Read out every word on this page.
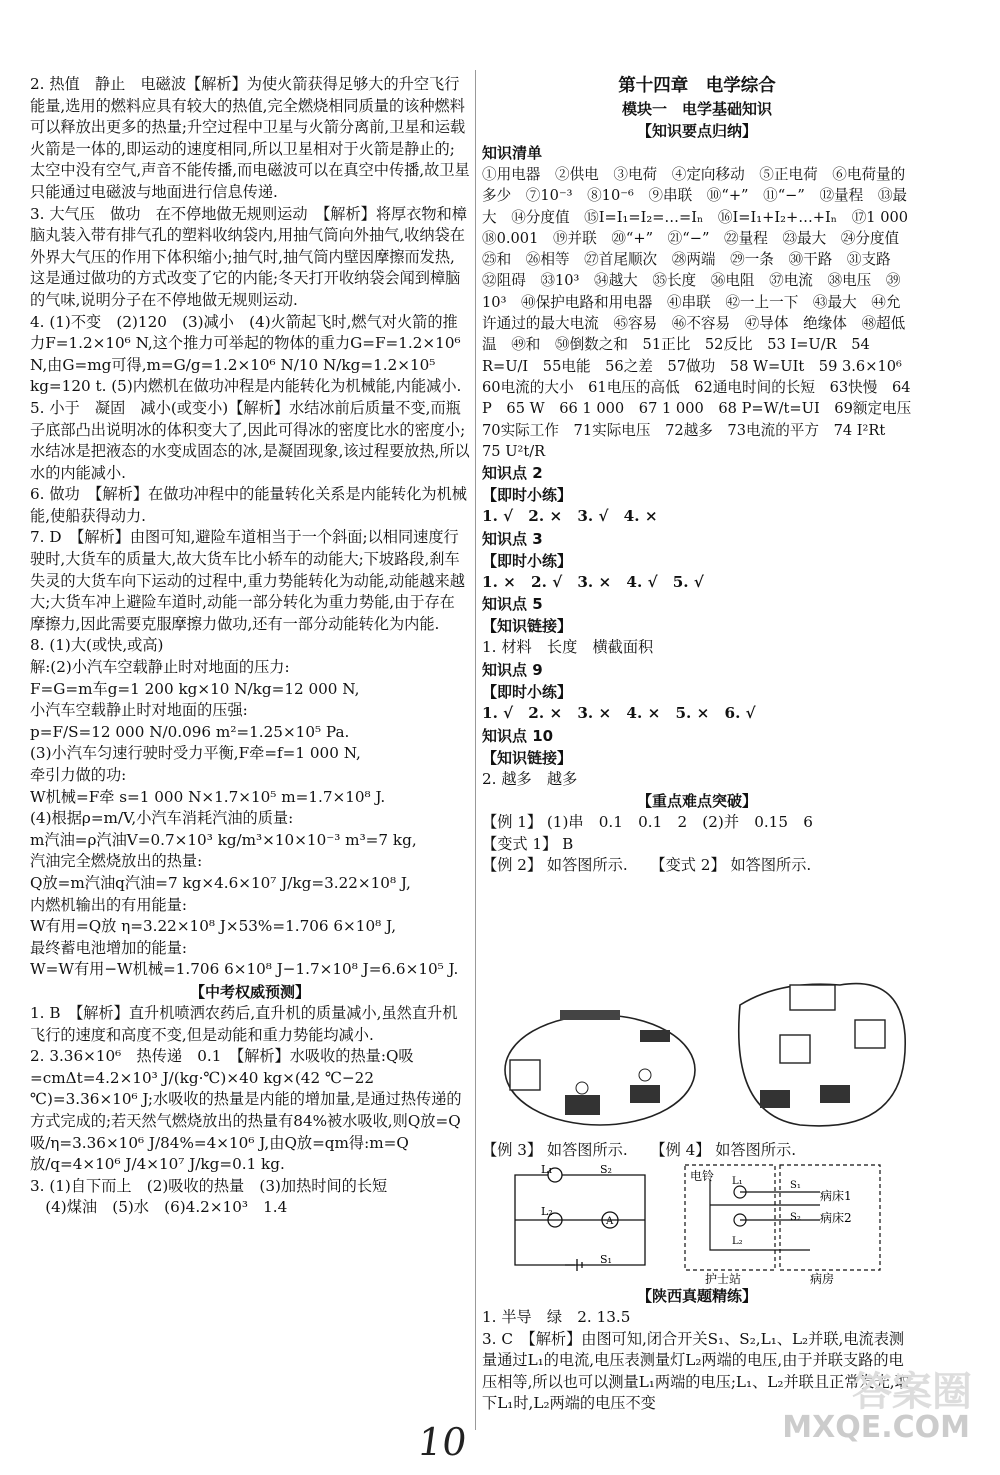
2. 热值　静止　电磁波【解析】为使火箭获得足够大的升空飞行能量,选用的燃料应具有较大的热值,完全燃烧相同质量的该种燃料可以释放出更多的热量;升空过程中卫星与火箭分离前,卫星和运载火箭是一体的,即运动的速度相同,所以卫星相对于火箭是静止的;太空中没有空气,声音不能传播,而电磁波可以在真空中传播,故卫星只能通过电磁波与地面进行信息传递.

3. 大气压　做功　在不停地做无规则运动　【解析】将厚衣物和樟脑丸装入带有排气孔的塑料收纳袋内,用抽气筒向外抽气,收纳袋在外界大气压的作用下体积缩小;抽气时,抽气筒内壁因摩擦而发热,这是通过做功的方式改变了它的内能;冬天打开收纳袋会闻到樟脑的气味,说明分子在不停地做无规则运动.

4. (1)不变　(2)120　(3)减小　(4)火箭起飞时,燃气对火箭的推力F=1.2×10⁶ N,这个推力可举起的物体的重力G=F=1.2×10⁶ N,由G=mg可得,m=G/g=1.2×10⁶ N/10 N/kg=1.2×10⁵ kg=120 t. (5)内燃机在做功冲程是内能转化为机械能,内能减小.

5. 小于　凝固　减小(或变小)【解析】水结冰前后质量不变,而瓶子底部凸出说明冰的体积变大了,因此可得冰的密度比水的密度小;水结冰是把液态的水变成固态的冰,是凝固现象,该过程要放热,所以水的内能减小.

6. 做功　【解析】在做功冲程中的能量转化关系是内能转化为机械能,使船获得动力.

7. D　【解析】由图可知,避险车道相当于一个斜面;以相同速度行驶时,大货车的质量大,故大货车比小轿车的动能大;下坡路段,刹车失灵的大货车向下运动的过程中,重力势能转化为动能,动能越来越大;大货车冲上避险车道时,动能一部分转化为重力势能,由于存在摩擦力,因此需要克服摩擦力做功,还有一部分动能转化为内能.

8. (1)大(或快,或高)
解:(2)小汽车空载静止时对地面的压力:
F=G=m车g=1 200 kg×10 N/kg=12 000 N,
小汽车空载静止时对地面的压强:
p=F/S=12 000 N/0.096 m²=1.25×10⁵ Pa.
(3)小汽车匀速行驶时受力平衡,F牵=f=1 000 N,
牵引力做的功:
W机械=F牵 s=1 000 N×1.7×10⁵ m=1.7×10⁸ J.
(4)根据ρ=m/V,小汽车消耗汽油的质量:
m汽油=ρ汽油V=0.7×10³ kg/m³×10×10⁻³ m³=7 kg,
汽油完全燃烧放出的热量:
Q放=m汽油q汽油=7 kg×4.6×10⁷ J/kg=3.22×10⁸ J,
内燃机输出的有用能量:
W有用=Q放 η=3.22×10⁸ J×53%=1.706 6×10⁸ J,
最终蓄电池增加的能量:
W=W有用−W机械=1.706 6×10⁸ J−1.7×10⁸ J=6.6×10⁵ J.

【中考权威预测】

1. B　【解析】直升机喷洒农药后,直升机的质量减小,虽然直升机飞行的速度和高度不变,但是动能和重力势能均减小.

2. 3.36×10⁶　热传递　0.1　【解析】水吸收的热量:Q吸=cmΔt=4.2×10³ J/(kg·℃)×40 kg×(42 ℃−22 ℃)=3.36×10⁶ J;水吸收的热量是内能的增加量,是通过热传递的方式完成的;若天然气燃烧放出的热量有84%被水吸收,则Q放=Q吸/η=3.36×10⁶ J/84%=4×10⁶ J,由Q放=qm得:m=Q放/q=4×10⁶ J/4×10⁷ J/kg=0.1 kg.

3. (1)自下而上　(2)吸收的热量　(3)加热时间的长短
　(4)煤油　(5)水　(6)4.2×10³　1.4

第十四章　电学综合
模块一　电学基础知识
【知识要点归纳】
知识清单

①用电器　②供电　③电荷　④定向移动　⑤正电荷　⑥电荷量的多少　⑦10⁻³　⑧10⁻⁶　⑨串联　⑩“+”　⑪“−”　⑫量程　⑬最大　⑭分度值　⑮I=I₁=I₂=…=Iₙ　⑯I=I₁+I₂+…+Iₙ　⑰1 000　⑱0.001　⑲并联　⑳“+”　㉑“−”　㉒量程　㉓最大　㉔分度值　㉕和　㉖相等　㉗首尾顺次　㉘两端　㉙一条　㉚干路　㉛支路　㉜阻碍　㉝10³　㉞越大　㉟长度　㊱电阻　㊲电流　㊳电压　㊴10³　㊵保护电路和用电器　㊶串联　㊷一上一下　㊸最大　㊹允许通过的最大电流　㊺容易　㊻不容易　㊼导体　绝缘体　㊽超低温　㊾和　㊿倒数之和　51正比　52反比　53 I=U/R　54 R=U/I　55电能　56之差　57做功　58 W=UIt　59 3.6×10⁶　60电流的大小　61电压的高低　62通电时间的长短　63快慢　64 P　65 W　66 1 000　67 1 000　68 P=W/t=UI　69额定电压　70实际工作　71实际电压　72越多　73电流的平方　74 I²Rt　75 U²t/R

知识点 2
【即时小练】
1. √　2. ×　3. √　4. ×
知识点 3
【即时小练】
1. ×　2. √　3. ×　4. √　5. √
知识点 5
【知识链接】
1. 材料　长度　横截面积
知识点 9
【即时小练】
1. √　2. ×　3. ×　4. ×　5. ×　6. √
知识点 10
【知识链接】
2. 越多　越多
【重点难点突破】
【例 1】 (1)串　0.1　0.1　2　(2)并　0.15　6
【变式 1】 B
【例 2】 如答图所示.　　【变式 2】 如答图所示.
【例 3】 如答图所示.　　【例 4】 如答图所示.
L₁
L₂
A
S₂
S₁
电铃 L₁
L₂
S₁
S₂
病床1
病床2
护士站	病房
【陕西真题精练】
1. 半导　绿　2. 13.5

3. C　【解析】由图可知,闭合开关S₁、S₂,L₁、L₂并联,电流表测量通过L₁的电流,电压表测量灯L₂两端的电压,由于并联支路的电压相等,所以也可以测量L₁两端的电压;L₁、L₂并联且正常发光,取下L₁时,L₂两端的电压不变

10
答案圈
MXQE.COM
